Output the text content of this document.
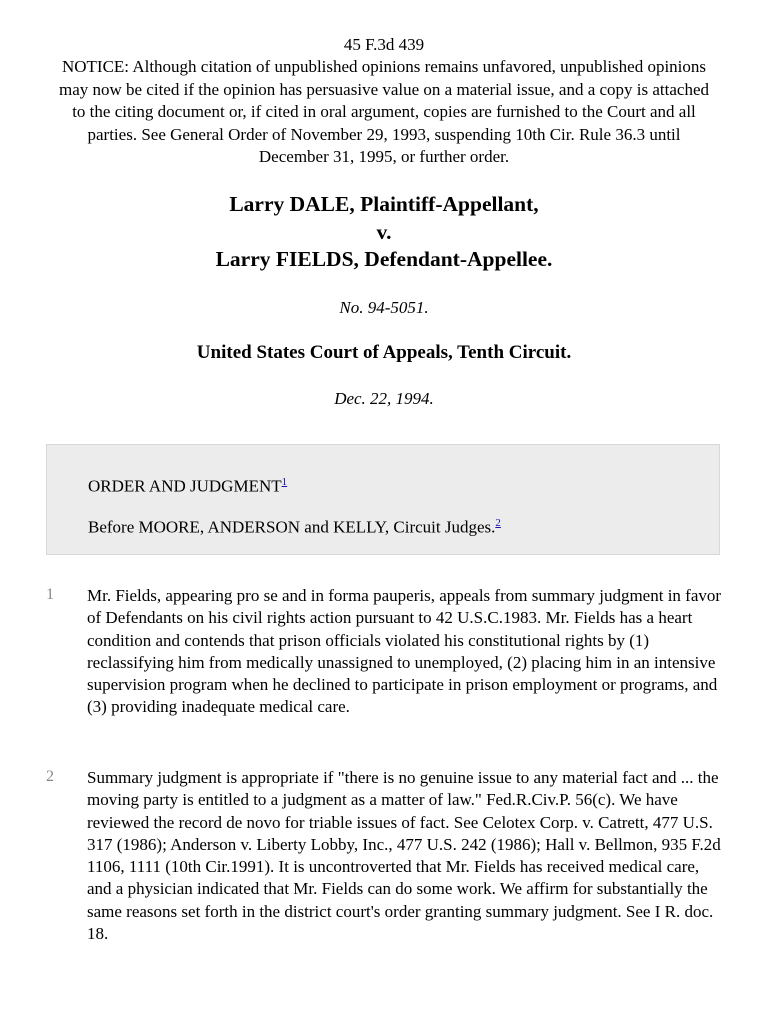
45 F.3d 439
NOTICE: Although citation of unpublished opinions remains unfavored, unpublished opinions may now be cited if the opinion has persuasive value on a material issue, and a copy is attached to the citing document or, if cited in oral argument, copies are furnished to the Court and all parties. See General Order of November 29, 1993, suspending 10th Cir. Rule 36.3 until December 31, 1995, or further order.
Larry DALE, Plaintiff-Appellant,
v.
Larry FIELDS, Defendant-Appellee.
No. 94-5051.
United States Court of Appeals, Tenth Circuit.
Dec. 22, 1994.
ORDER AND JUDGMENT$^1$
Before MOORE, ANDERSON and KELLY, Circuit Judges.$^2$
1 Mr. Fields, appearing pro se and in forma pauperis, appeals from summary judgment in favor of Defendants on his civil rights action pursuant to 42 U.S.C.1983. Mr. Fields has a heart condition and contends that prison officials violated his constitutional rights by (1) reclassifying him from medically unassigned to unemployed, (2) placing him in an intensive supervision program when he declined to participate in prison employment or programs, and (3) providing inadequate medical care.
2 Summary judgment is appropriate if "there is no genuine issue to any material fact and ... the moving party is entitled to a judgment as a matter of law." Fed.R.Civ.P. 56(c). We have reviewed the record de novo for triable issues of fact. See Celotex Corp. v. Catrett, 477 U.S. 317 (1986); Anderson v. Liberty Lobby, Inc., 477 U.S. 242 (1986); Hall v. Bellmon, 935 F.2d 1106, 1111 (10th Cir.1991). It is uncontroverted that Mr. Fields has received medical care, and a physician indicated that Mr. Fields can do some work. We affirm for substantially the same reasons set forth in the district court's order granting summary judgment. See I R. doc. 18.
